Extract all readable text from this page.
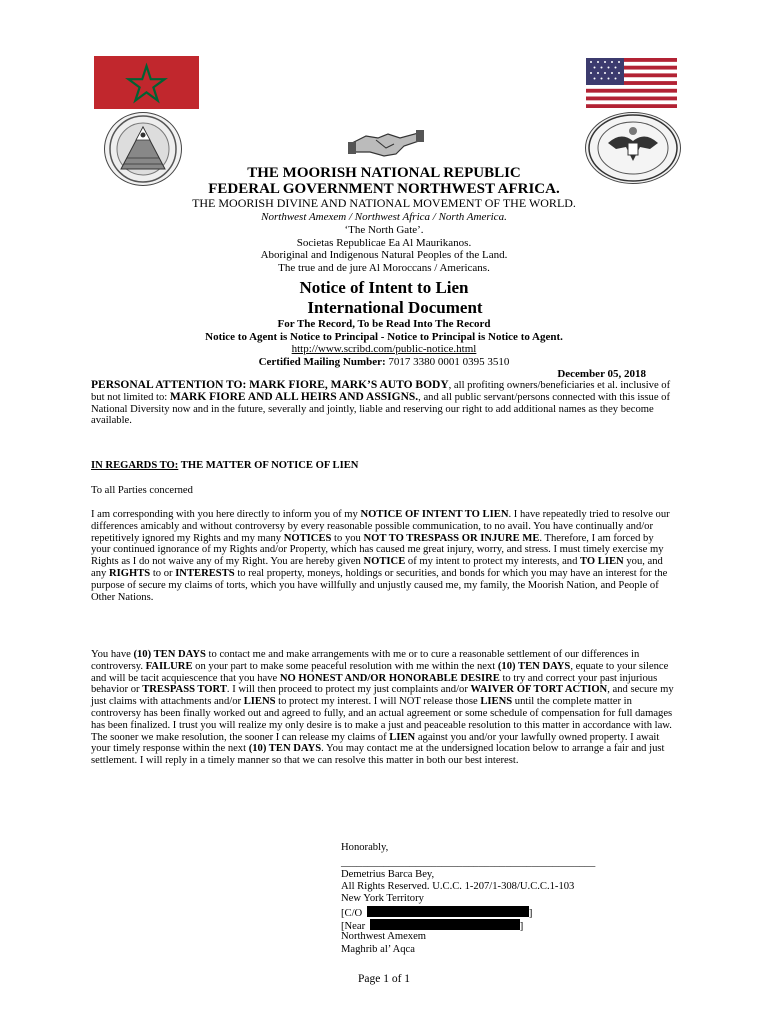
THE MOORISH NATIONAL REPUBLIC
FEDERAL GOVERNMENT NORTHWEST AFRICA.
THE MOORISH DIVINE AND NATIONAL MOVEMENT OF THE WORLD.
Northwest Amexem / Northwest Africa / North America.
‘The North Gate’.
Societas Republicae Ea Al Maurikanos.
Aboriginal and Indigenous Natural Peoples of the Land.
The true and de jure Al Moroccans / Americans.
Notice of Intent to Lien
International Document
For The Record, To be Read Into The Record
Notice to Agent is Notice to Principal - Notice to Principal is Notice to Agent.
http://www.scribd.com/public-notice.html
Certified Mailing Number: 7017 3380 0001 0395 3510
December 05, 2018
PERSONAL ATTENTION TO: MARK FIORE, MARK’S AUTO BODY, all profiting owners/beneficiaries et al. inclusive of but not limited to: MARK FIORE AND ALL HEIRS AND ASSIGNS., and all public servant/persons connected with this issue of National Diversity now and in the future, severally and jointly, liable and reserving our right to add additional names as they become available.
IN REGARDS TO: THE MATTER OF NOTICE OF LIEN
To all Parties concerned
I am corresponding with you here directly to inform you of my NOTICE OF INTENT TO LIEN. I have repeatedly tried to resolve our differences amicably and without controversy by every reasonable possible communication, to no avail. You have continually and/or repetitively ignored my Rights and my many NOTICES to you NOT TO TRESPASS OR INJURE ME. Therefore, I am forced by your continued ignorance of my Rights and/or Property, which has caused me great injury, worry, and stress. I must timely exercise my Rights as I do not waive any of my Right. You are hereby given NOTICE of my intent to protect my interests, and TO LIEN you, and any RIGHTS to or INTERESTS to real property, moneys, holdings or securities, and bonds for which you may have an interest for the purpose of secure my claims of torts, which you have willfully and unjustly caused me, my family, the Moorish Nation, and People of Other Nations.
You have (10) TEN DAYS to contact me and make arrangements with me or to cure a reasonable settlement of our differences in controversy. FAILURE on your part to make some peaceful resolution with me within the next (10) TEN DAYS, equate to your silence and will be tacit acquiescence that you have NO HONEST AND/OR HONORABLE DESIRE to try and correct your past injurious behavior or TRESPASS TORT. I will then proceed to protect my just complaints and/or WAIVER OF TORT ACTION, and secure my just claims with attachments and/or LIENS to protect my interest. I will NOT release those LIENS until the complete matter in controversy has been finally worked out and agreed to fully, and an actual agreement or some schedule of compensation for full damages has been finalized. I trust you will realize my only desire is to make a just and peaceable resolution to this matter in accordance with law. The sooner we make resolution, the sooner I can release my claims of LIEN against you and/or your lawfully owned property. I await your timely response within the next (10) TEN DAYS. You may contact me at the undersigned location below to arrange a fair and just settlement. I will reply in a timely manner so that we can resolve this matter in both our best interest.
Honorably,
________________________________________________
Demetrius Barca Bey,
All Rights Reserved. U.C.C. 1-207/1-308/U.C.C.1-103
New York Territory
[C/O	]
[Near	]
Northwest Amexem
Maghrib al’ Aqca
Page 1 of 1
